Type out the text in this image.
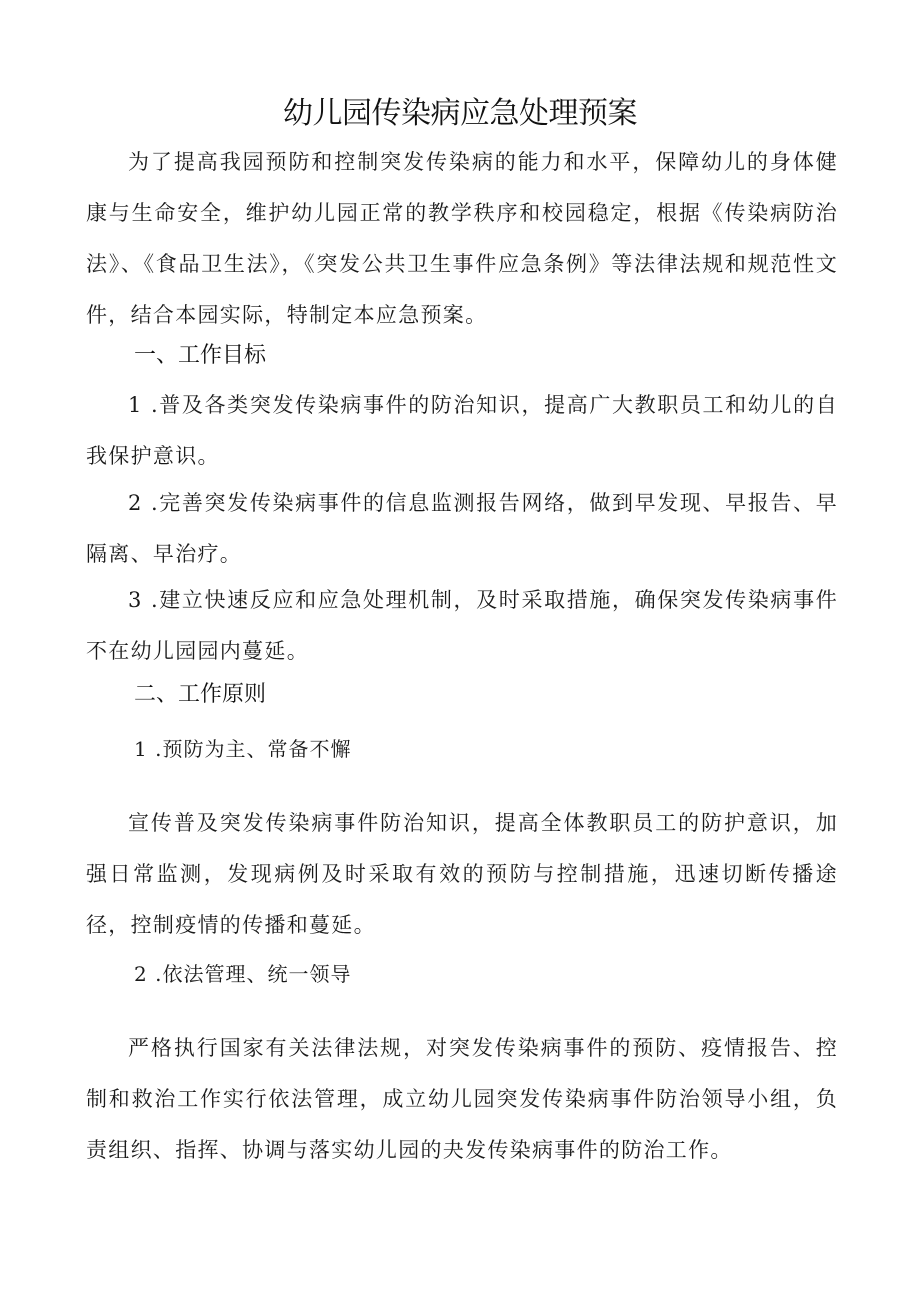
幼儿园传染病应急处理预案

为了提高我园预防和控制突发传染病的能力和水平，保障幼儿的身体健康与生命安全，维护幼儿园正常的教学秩序和校园稳定，根据《传染病防治法》、《食品卫生法》，《突发公共卫生事件应急条例》等法律法规和规范性文件，结合本园实际，特制定本应急预案。

一、工作目标

1 .普及各类突发传染病事件的防治知识，提高广大教职员工和幼儿的自我保护意识。

2 .完善突发传染病事件的信息监测报告网络，做到早发现、早报告、早隔离、早治疗。

3 .建立快速反应和应急处理机制，及时采取措施，确保突发传染病事件不在幼儿园园内蔓延。

二、工作原则

1 .预防为主、常备不懈

宣传普及突发传染病事件防治知识，提高全体教职员工的防护意识，加强日常监测，发现病例及时采取有效的预防与控制措施，迅速切断传播途径，控制疫情的传播和蔓延。

2 .依法管理、统一领导

严格执行国家有关法律法规，对突发传染病事件的预防、疫情报告、控制和救治工作实行依法管理，成立幼儿园突发传染病事件防治领导小组，负责组织、指挥、协调与落实幼儿园的夬发传染病事件的防治工作。
